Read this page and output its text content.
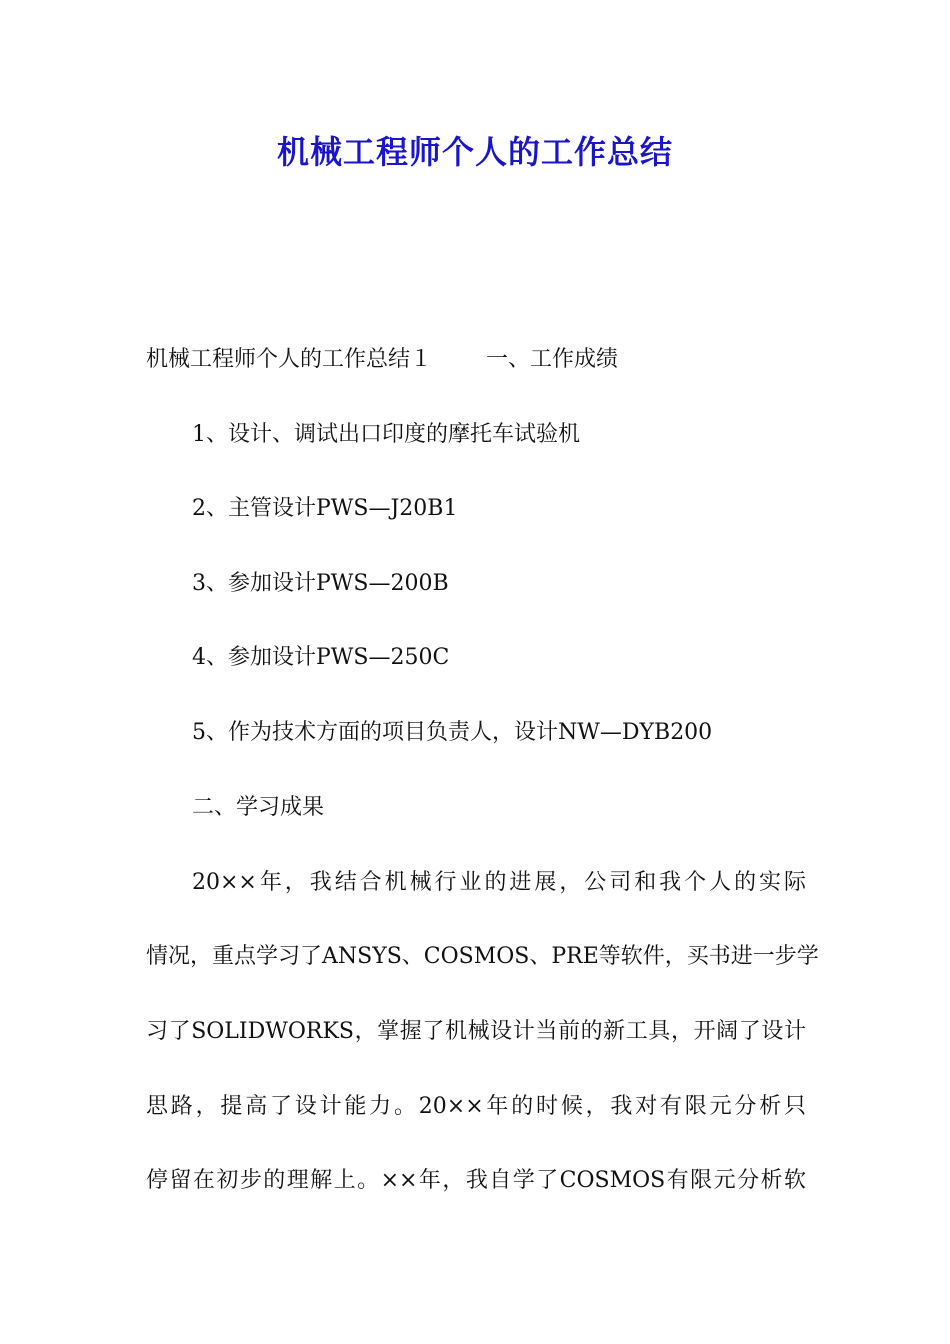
机械工程师个人的工作总结
机械工程师个人的工作总结１ 一、工作成绩
1、设计、调试出口印度的摩托车试验机
2、主管设计PWS—J20B1
3、参加设计PWS—200B
4、参加设计PWS—250C
5、作为技术方面的项目负责人，设计NW—DYB200
二、学习成果
20××年，我结合机械行业的进展，公司和我个人的实际
情况，重点学习了ANSYS、COSMOS、PRE等软件，买书进一步学
习了SOLIDWORKS，掌握了机械设计当前的新工具，开阔了设计
思路，提高了设计能力。20××年的时候，我对有限元分析只
停留在初步的理解上。××年，我自学了COSMOS有限元分析软
